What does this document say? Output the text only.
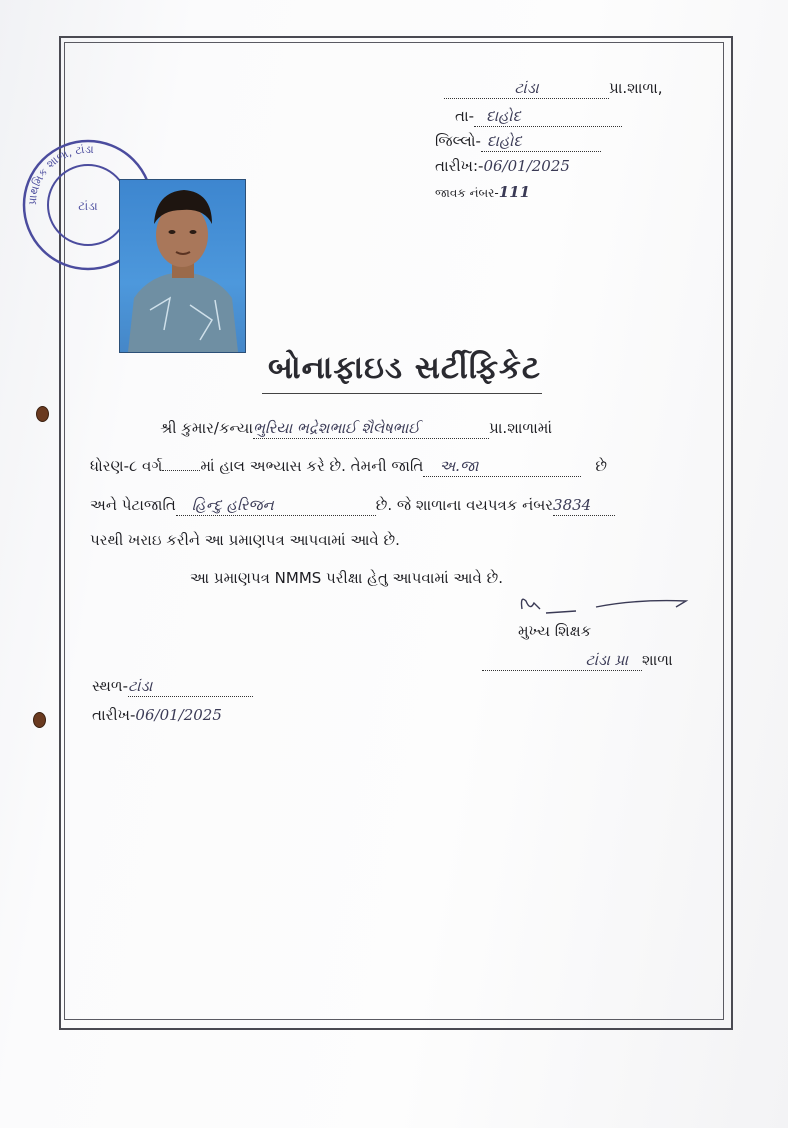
ટાંડા	પ્રા.શાળા,
તા- દાહોદ
જિલ્લો- દાહોદ
તારીખ:-06/01/2025
જાવક નંબર-111
પ્રાથમિક શાળા, ટાંડા
ટાંડા
બોનાફાઇડ સર્ટીફિકેટ
શ્રી કુમાર/કન્યાભુરિયા ભદ્રેશભાઈ શૈલેષભાઈ	પ્રા.શાળામાં
ધોરણ-૮ વર્ગ	માં હાલ અભ્યાસ કરે છે. તેમની જાતિ અ.જા	છે
અને પેટાજાતિ હિન્દુ હરિજન	છે. જે શાળાના વયપત્રક નંબર3834
પરથી ખરાઇ કરીને આ પ્રમાણપત્ર આપવામાં આવે છે.
આ પ્રમાણપત્ર NMMS પરીક્ષા હેતુ આપવામાં આવે છે.
મુખ્ય શિક્ષક
ટાંડા પ્રા શાળા
સ્થળ-ટાંડા
તારીખ-06/01/2025
